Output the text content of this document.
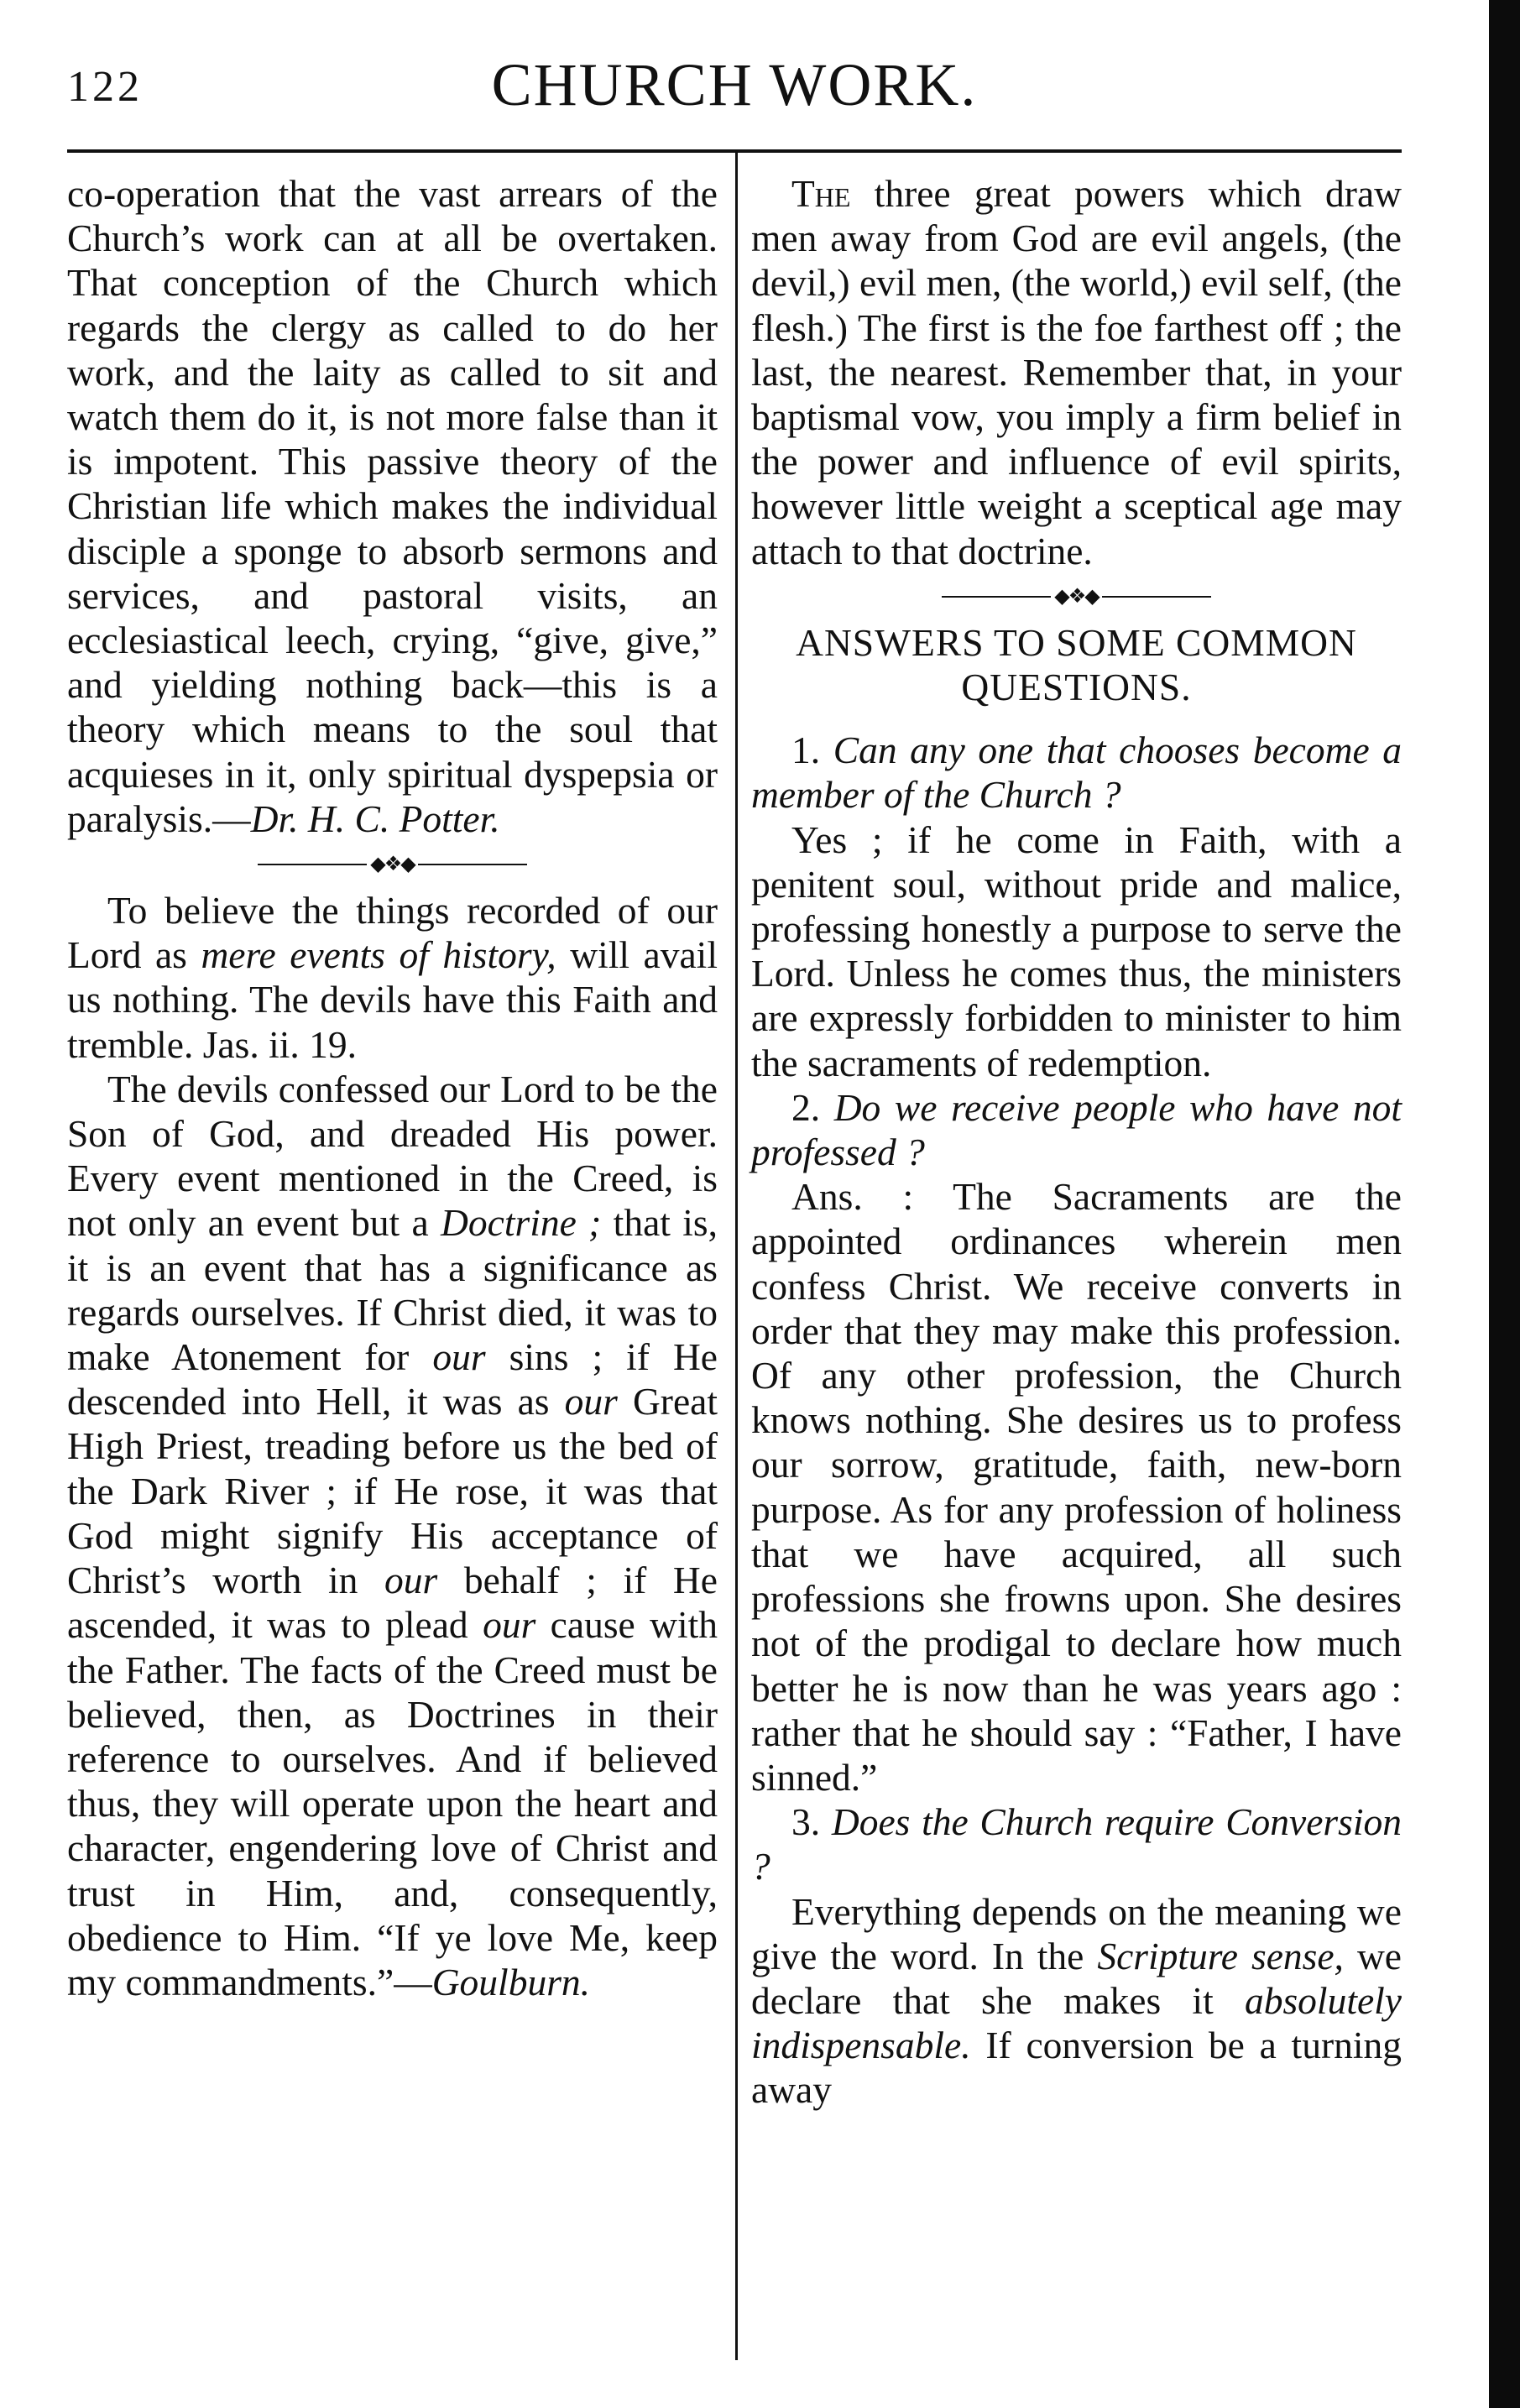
122	CHURCH WORK.

co-operation that the vast arrears of the Church’s work can at all be overtaken. That conception of the Church which regards the clergy as called to do her work, and the laity as called to sit and watch them do it, is not more false than it is impotent. This passive theory of the Christian life which makes the individual disciple a sponge to absorb sermons and services, and pastoral visits, an ecclesiastical leech, crying, “give, give,” and yielding nothing back—this is a theory which means to the soul that acquieses in it, only spiritual dyspepsia or paralysis.—Dr. H. C. Potter.

◆❖◆

To believe the things recorded of our Lord as mere events of history, will avail us nothing. The devils have this Faith and tremble. Jas. ii. 19.

The devils confessed our Lord to be the Son of God, and dreaded His power. Every event mentioned in the Creed, is not only an event but a Doctrine ; that is, it is an event that has a significance as regards ourselves. If Christ died, it was to make Atonement for our sins ; if He descended into Hell, it was as our Great High Priest, treading before us the bed of the Dark River ; if He rose, it was that God might signify His acceptance of Christ’s worth in our behalf ; if He ascended, it was to plead our cause with the Father. The facts of the Creed must be believed, then, as Doctrines in their reference to ourselves. And if believed thus, they will operate upon the heart and character, engendering love of Christ and trust in Him, and, consequently, obedience to Him. “If ye love Me, keep my commandments.”—Goulburn.

The three great powers which draw men away from God are evil angels, (the devil,) evil men, (the world,) evil self, (the flesh.) The first is the foe farthest off ; the last, the nearest. Remember that, in your baptismal vow, you imply a firm belief in the power and influence of evil spirits, however little weight a sceptical age may attach to that doctrine.

◆❖◆
ANSWERS TO SOME COMMON QUESTIONS.

1. Can any one that chooses become a member of the Church ?

Yes ; if he come in Faith, with a penitent soul, without pride and malice, professing honestly a purpose to serve the Lord. Unless he comes thus, the ministers are expressly forbidden to minister to him the sacraments of redemption.

2. Do we receive people who have not professed ?

Ans. : The Sacraments are the appointed ordinances wherein men confess Christ. We receive converts in order that they may make this profession. Of any other profession, the Church knows nothing. She desires us to profess our sorrow, gratitude, faith, new-born purpose. As for any profession of holiness that we have acquired, all such professions she frowns upon. She desires not of the prodigal to declare how much better he is now than he was years ago : rather that he should say : “Father, I have sinned.”

3. Does the Church require Conversion ?

Everything depends on the meaning we give the word. In the Scripture sense, we declare that she makes it absolutely indispensable. If conversion be a turning away
